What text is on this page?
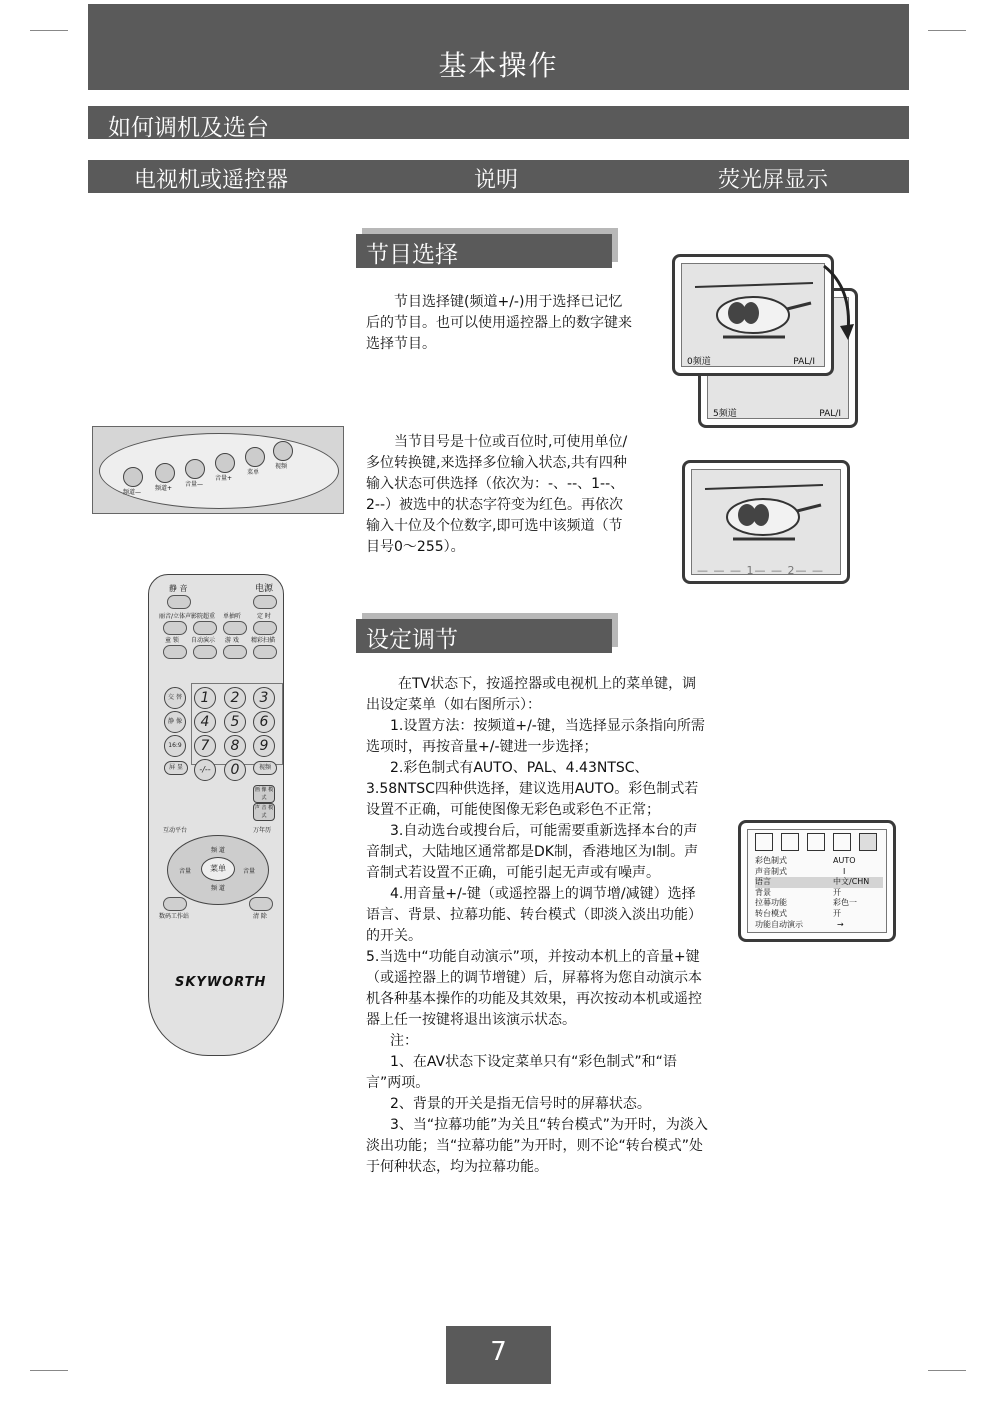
基本操作
如何调机及选台
电视机或遥控器	说明	荧光屏显示
节目选择
节目选择键(频道+/-)用于选择已记忆后的节目。也可以使用遥控器上的数字键来选择节目。
当节目号是十位或百位时,可使用单位/多位转换键,来选择多位输入状态,共有四种输入状态可供选择（依次为：-、--、1--、2--）被选中的状态字符变为红色。再依次输入十位及个位数字,即可选中该频道（节目号0～255）。
设定调节

在TV状态下，按遥控器或电视机上的菜单键，调出设定菜单（如右图所示）：

1.设置方法：按频道+/-键，当选择显示条指向所需选项时，再按音量+/-键进一步选择；

2.彩色制式有AUTO、PAL、4.43NTSC、3.58NTSC四种供选择，建议选用AUTO。彩色制式若设置不正确，可能使图像无彩色或彩色不正常；

3.自动选台或搜台后，可能需要重新选择本台的声音制式，大陆地区通常都是DK制，香港地区为I制。声音制式若设置不正确，可能引起无声或有噪声。

4.用音量+/-键（或遥控器上的调节增/减键）选择语言、背景、拉幕功能、转台模式（即淡入淡出功能）的开关。

5.当选中“功能自动演示”项，并按动本机上的音量+键（或遥控器上的调节增键）后，屏幕将为您自动演示本机各种基本操作的功能及其效果，再次按动本机或遥控器上任一按键将退出该演示状态。

注：

1、在AV状态下设定菜单只有“彩色制式”和“语言”两项。

2、背景的开关是指无信号时的屏幕状态。

3、当“拉幕功能”为关且“转台模式”为开时，为淡入淡出功能；当“拉幕功能”为开时，则不论“转台模式”处于何种状态，均为拉幕功能。

5频道	PAL/I
0频道	PAL/I
— — — 1— — 2— —
彩色制式	AUTO
声音制式	I
语言	中文/CHN
背景	开
拉幕功能	彩色一
转台模式	开
功能自动演示	→
频道—
频道+
音量—
音量+
菜单
视频
静 音	电源
丽音/立体声 影院超重 单抽听	定 时
童 锁 自动演示 游 戏 精彩扫描
交 替
静 像
16:9
屏 显
1	2	3
4	5	6
7	8	9
-/--	0	视频
画 像 模 式
声 音 模 式
互动平台	万年历
频 道
频 道
音量	音量
菜单
数码工作站	清 除
SKYWORTH
7
